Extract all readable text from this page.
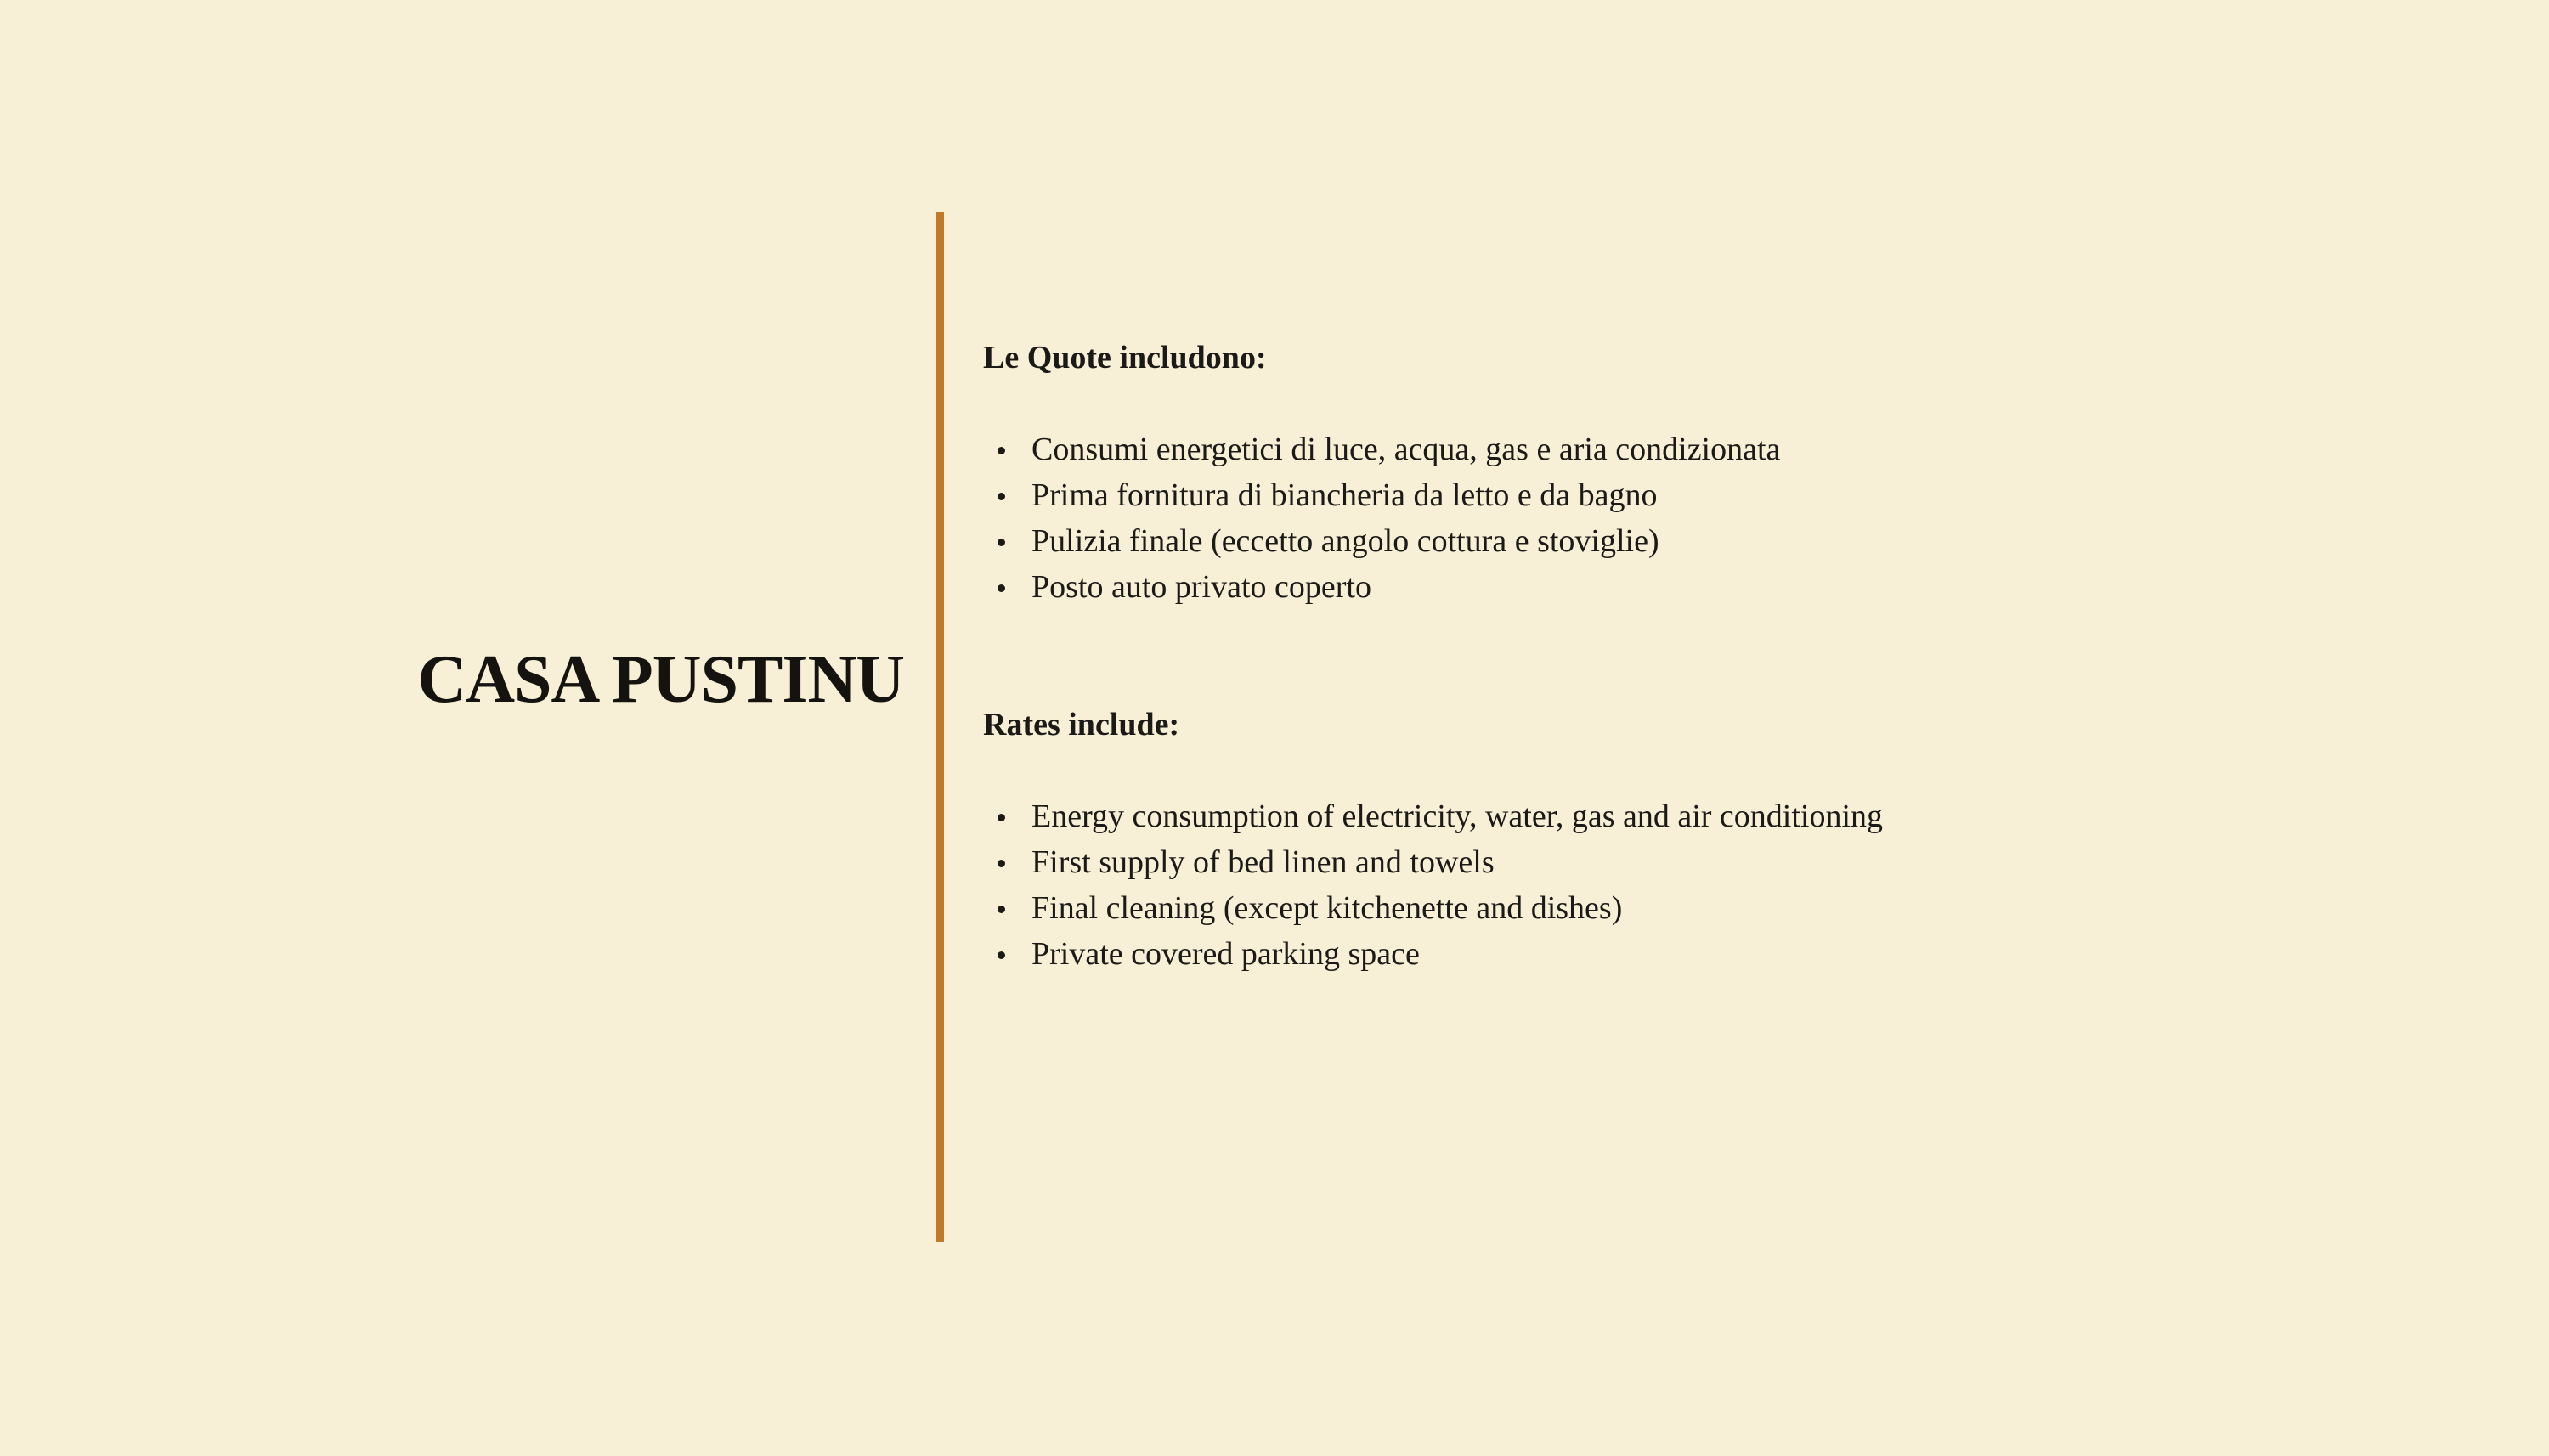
CASA PUSTINU
Le Quote includono:
Consumi energetici di luce, acqua, gas e aria condizionata
Prima fornitura di biancheria da letto e da bagno
Pulizia finale (eccetto angolo cottura e stoviglie)
Posto auto privato coperto
Rates include:
Energy consumption of electricity, water, gas and air conditioning
First supply of bed linen and towels
Final cleaning (except kitchenette and dishes)
Private covered parking space
